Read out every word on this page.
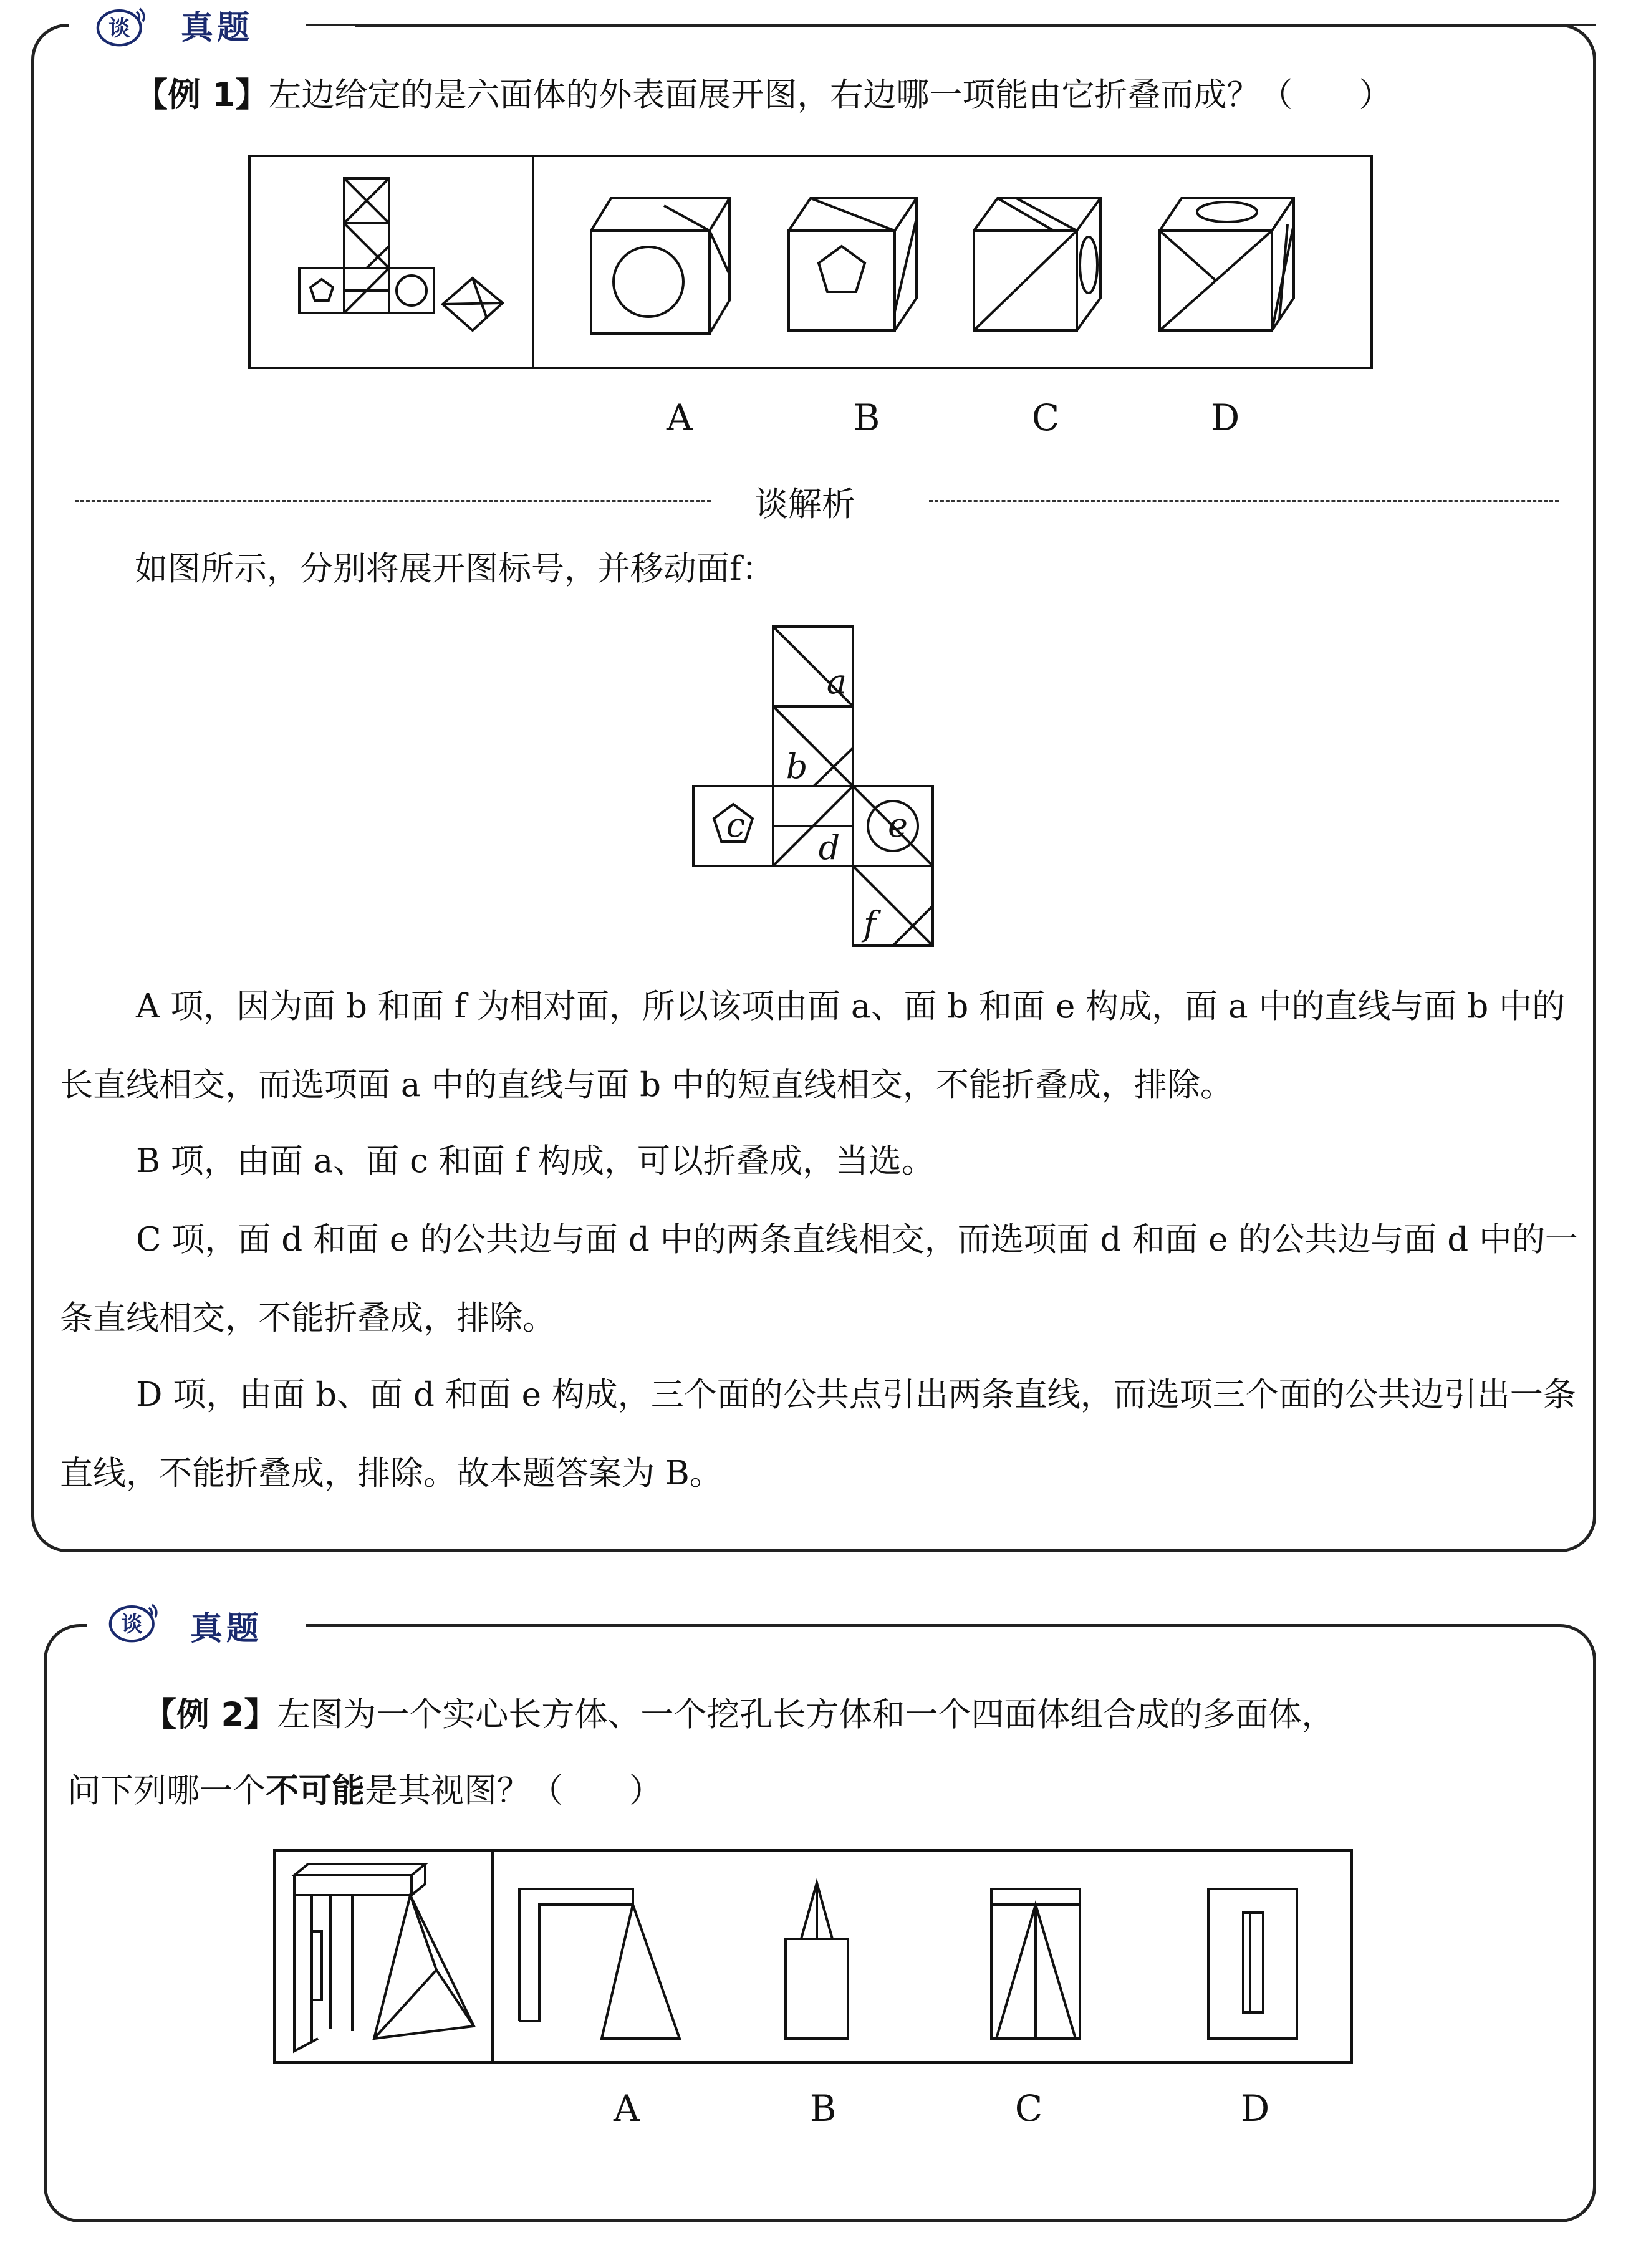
谈 真题
【例 1】左边给定的是六面体的外表面展开图，右边哪一项能由它折叠而成？（　　）
A	B	C	D
谈解析
如图所示，分别将展开图标号，并移动面f：
a
b
c
d
e
f

A 项，因为面 b 和面 f 为相对面，所以该项由面 a、面 b 和面 e 构成，面 a 中的直线与面 b 中的长直线相交，而选项面 a 中的直线与面 b 中的短直线相交，不能折叠成，排除。

B 项，由面 a、面 c 和面 f 构成，可以折叠成，当选。

C 项，面 d 和面 e 的公共边与面 d 中的两条直线相交，而选项面 d 和面 e 的公共边与面 d 中的一条直线相交，不能折叠成，排除。

D 项，由面 b、面 d 和面 e 构成，三个面的公共点引出两条直线，而选项三个面的公共边引出一条直线，不能折叠成，排除。故本题答案为 B。

谈 真题
【例 2】左图为一个实心长方体、一个挖孔长方体和一个四面体组合成的多面体，
问下列哪一个不可能是其视图？（　　）
A	B	C	D
